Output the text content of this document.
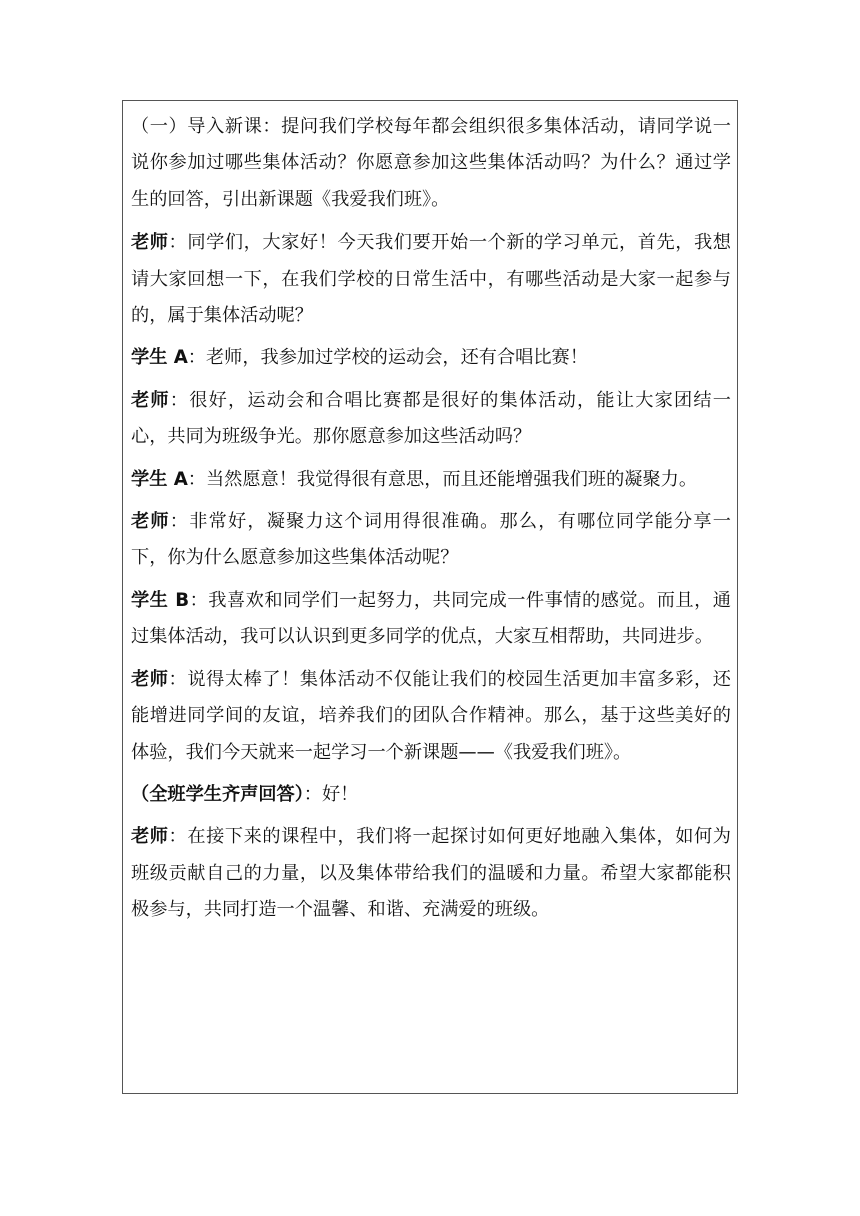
（一）导入新课：提问我们学校每年都会组织很多集体活动，请同学说一说你参加过哪些集体活动？你愿意参加这些集体活动吗？为什么？通过学生的回答，引出新课题《我爱我们班》。

老师：同学们，大家好！今天我们要开始一个新的学习单元，首先，我想请大家回想一下，在我们学校的日常生活中，有哪些活动是大家一起参与的，属于集体活动呢？

学生 A：老师，我参加过学校的运动会，还有合唱比赛！

老师：很好，运动会和合唱比赛都是很好的集体活动，能让大家团结一心，共同为班级争光。那你愿意参加这些活动吗？

学生 A：当然愿意！我觉得很有意思，而且还能增强我们班的凝聚力。

老师：非常好，凝聚力这个词用得很准确。那么，有哪位同学能分享一下，你为什么愿意参加这些集体活动呢？

学生 B：我喜欢和同学们一起努力，共同完成一件事情的感觉。而且，通过集体活动，我可以认识到更多同学的优点，大家互相帮助，共同进步。

老师：说得太棒了！集体活动不仅能让我们的校园生活更加丰富多彩，还能增进同学间的友谊，培养我们的团队合作精神。那么，基于这些美好的体验，我们今天就来一起学习一个新课题——《我爱我们班》。

（全班学生齐声回答）：好！

老师：在接下来的课程中，我们将一起探讨如何更好地融入集体，如何为班级贡献自己的力量，以及集体带给我们的温暖和力量。希望大家都能积极参与，共同打造一个温馨、和谐、充满爱的班级。
